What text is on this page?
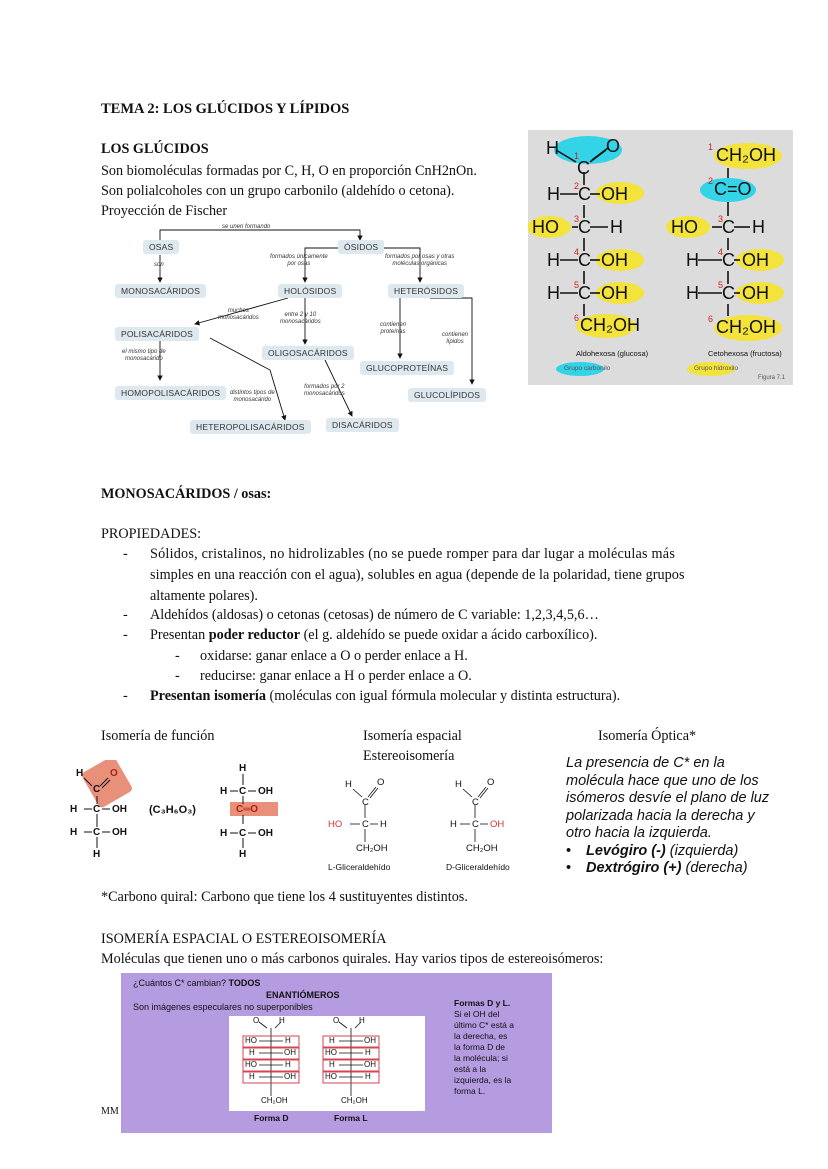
TEMA 2: LOS GLÚCIDOS Y LÍPIDOS
LOS GLÚCIDOS
Son biomoléculas formadas por C, H, O en proporción CnH2nOn.
Son polialcoholes con un grupo carbonilo (aldehído o cetona).
Proyección de Fischer
se unen formando
OSAS	ÓSIDOS
son
formados únicamente
por osas
formados por osas y otras
moléculas orgánicas
MONOSACÁRIDOS	HOLÓSIDOS	HETERÓSIDOS
muchos
monosacáridos	entre 2 y 10
monosacáridos	contienen
proteínas	contienen
lípidos
POLISACÁRIDOS
OLIGOSACÁRIDOS
el mismo tipo de
monosacárido
GLUCOPROTEÍNAS
formados por 2
monosacáridos
HOMOPOLISACÁRIDOS	distintos tipos de
monosacárido	GLUCOLÍPIDOS
HETEROPOLISACÁRIDOS	DISACÁRIDOS
H
C
O
H C OH
HO C H
H C OH
H C OH
CH₂OH
1
2
3
4
5
6
CH₂OH
C=O
HO C H
H C OH
H C OH
CH₂OH
1
2
3
4
5
6
Aldohexosa (glucosa)	Cetohexosa (fructosa)
Grupo carbonilo	Grupo hidroxilo
Figura 7.1
MONOSACÁRIDOS / osas:
PROPIEDADES:
- Sólidos, cristalinos, no hidrolizables (no se puede romper para dar lugar a moléculas más
simples en una reacción con el agua), solubles en agua (depende de la polaridad, tiene grupos
altamente polares).
- Aldehídos (aldosas) o cetonas (cetosas) de número de C variable: 1,2,3,4,5,6…
- Presentan poder reductor (el g. aldehído se puede oxidar a ácido carboxílico).
- oxidarse: ganar enlace a O o perder enlace a H.
- reducirse: ganar enlace a H o perder enlace a O.
- Presentan isomería (moléculas con igual fórmula molecular y distinta estructura).
Isomería de función	Isomería espacial
Estereoisomería
Isomería Óptica*
H
C
O
H C OH
H C OH
H
(C₃H₆O₃)
H
H C OH
C═O
H C OH
H
H	O
C
HO C H
CH₂OH
L-Gliceraldehído
H	O
C
H C OH
CH₂OH
D-Gliceraldehído
La presencia de C* en la
molécula hace que uno de los
isómeros desvíe el plano de luz
polarizada hacia la derecha y
otro hacia la izquierda.
• Levógiro (-) (izquierda)
• Dextrógiro (+) (derecha)
*Carbono quiral: Carbono que tiene los 4 sustituyentes distintos.
ISOMERÍA ESPACIAL O ESTEREOISOMERÍA
Moléculas que tienen uno o más carbonos quirales. Hay varios tipos de estereoisómeros:
¿Cuántos C* cambian? TODOS
ENANTIÓMEROS
Son imágenes especulares no superponibles
O H	O H
HO	H
H	OH
HO	H
H	OH
CH₂OH
H	OH
HO	H
H	OH
HO	H
CH₂OH
Forma D	Forma L
Formas D y L.
Si el OH del
último C* está a
la derecha, es
la forma D de
la molécula; si
está a la
izquierda, es la
forma L.
MM
